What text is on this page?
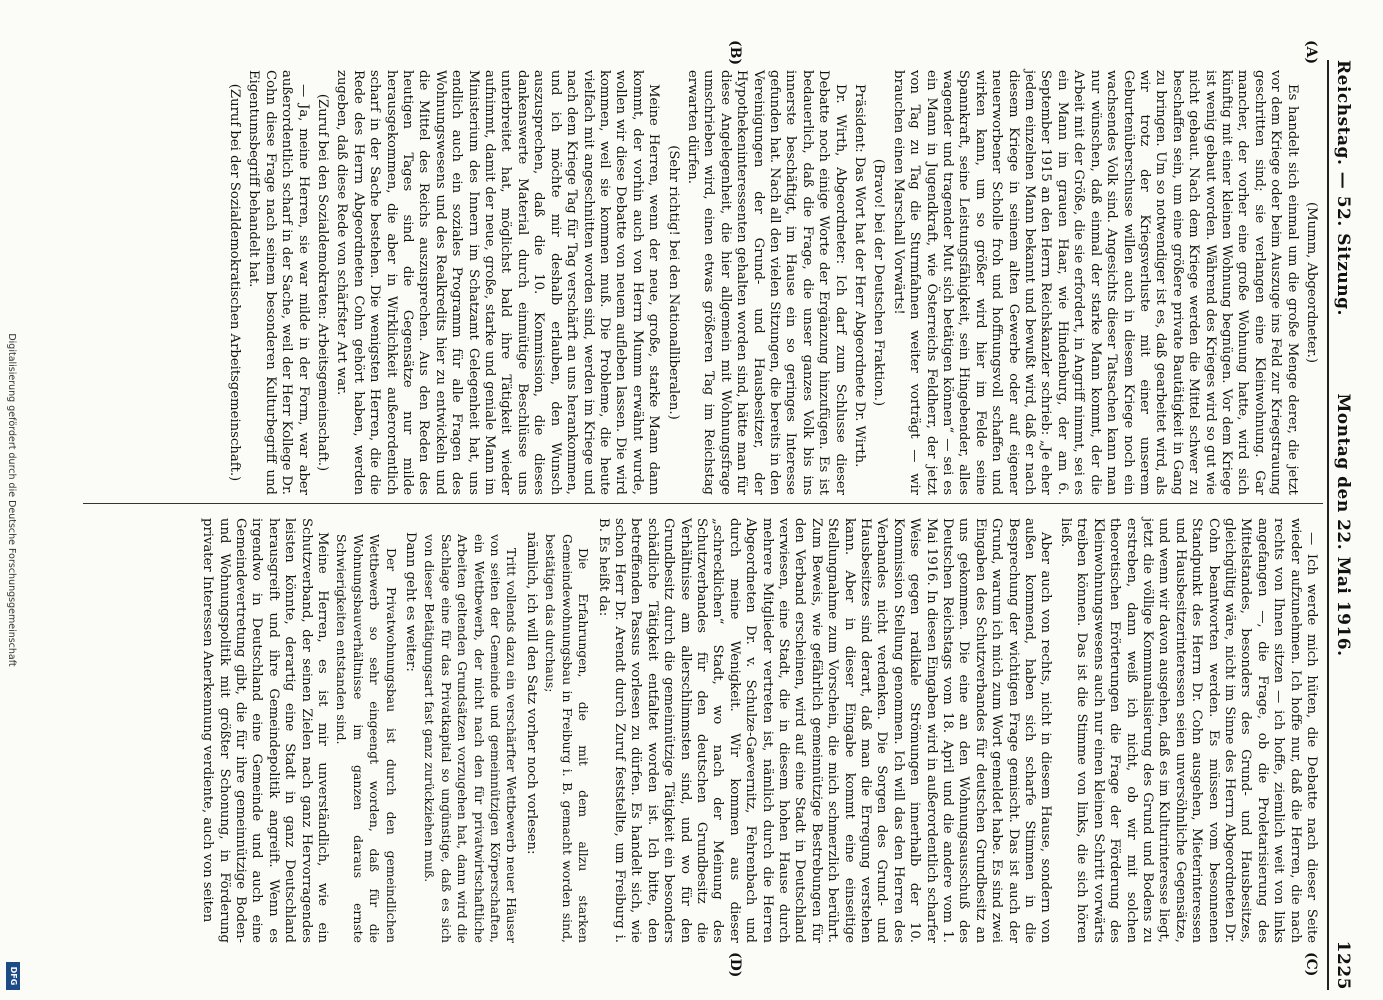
Reichstag. — 52. Sitzung.
Montag den 22. Mai 1916.
1225
(A)
(B)
(C)
(D)

(Mumm, Abgeordneter.)

Es handelt sich einmal um die große Menge derer, die jetzt vor dem Kriege oder beim Auszuge ins Feld zur Kriegstrauung geschritten sind; sie verlangen eine Kleinwohnung. Gar mancher, der vorher eine große Wohnung hatte, wird sich künftig mit einer kleinen Wohnung begnügen. Vor dem Kriege ist wenig gebaut worden. Während des Krieges wird so gut wie nicht gebaut. Nach dem Kriege werden die Mittel schwer zu beschaffen sein, um eine größere private Bautätigkeit in Gang zu bringen. Um so notwendiger ist es, daß gearbeitet wird, als wir trotz der Kriegsverluste mit einer unserem Geburtenüberschusse willen auch in diesem Kriege noch ein wachsendes Volk sind. Angesichts dieser Tatsachen kann man nur wünschen, daß einmal der starke Mann kommt, der die Arbeit mit der Größe, die sie erfordert, in Angriff nimmt, sei es ein Mann im grauen Haar, wie Hindenburg, der am 6. September 1915 an den Herrn Reichskanzler schrieb: „Je eher jedem einzelnen Mann bekannt und bewußt wird, daß er nach diesem Kriege in seinem alten Gewerbe oder auf eigener neuerworbener Scholle froh und hoffnungsvoll schaffen und wirken kann, um so größer wird hier im Felde seine Spannkraft, seine Leistungsfähigkeit, sein Hingebender, alles wagender und tragender Mut sich betätigen können“ — sei es ein Mann in Jugendkraft, wie Österreichs Feldherr, der jetzt von Tag zu Tag die Sturmfahnen weiter vorträgt — wir brauchen einen Marschall Vorwärts!

(Bravo! bei der Deutschen Fraktion.)

Präsident: Das Wort hat der Herr Abgeordnete Dr. Wirth.

Dr. Wirth, Abgeordneter: Ich darf zum Schlusse dieser Debatte noch einige Worte der Ergänzung hinzufügen. Es ist bedauerlich, daß die Frage, die unser ganzes Volk bis ins innerste beschäftigt, im Hause ein so geringes Interesse gefunden hat. Nach all den vielen Sitzungen, die bereits in den Vereinigungen der Grund- und Hausbesitzer, der Hypothekeninteressenten gehalten worden sind, hätte man für diese Angelegenheit, die hier allgemein mit Wohnungsfrage umschrieben wird, einen etwas größeren Tag im Reichstag erwarten dürfen.

(Sehr richtig! bei den Nationalliberalen.)

Meine Herren, wenn der neue, große, starke Mann dann kommt, der vorhin auch von Herrn Mumm erwähnt wurde, wollen wir diese Debatte von neuem aufleben lassen. Die wird kommen, weil sie kommen muß. Die Probleme, die heute vielfach mit angeschnitten worden sind, werden im Kriege und nach dem Kriege Tag für Tag verschärft an uns herankommen, und ich möchte mir deshalb erlauben, den Wunsch auszusprechen, daß die 10. Kommission, die dieses dankenswerte Material durch einmütige Beschlüsse uns unterbreitet hat, möglichst bald ihre Tätigkeit wieder aufnimmt, damit der neue, große, starke und geniale Mann im Ministerium des Innern im Schatzamt Gelegenheit hat, uns endlich auch ein soziales Programm für alle Fragen des Wohnungswesens und des Realkredits hier zu entwickeln und die Mittel des Reichs auszusprechen. Aus den Reden des heutigen Tages sind die Gegensätze nur milde herausgekommen, die aber in Wirklichkeit außerordentlich scharf in der Sache bestehen. Die wenigsten Herren, die die Rede des Herrn Abgeordneten Cohn gehört haben, werden zugeben, daß diese Rede von schärfster Art war.

(Zuruf bei den Sozialdemokraten: Arbeitsgemeinschaft.)

— Ja, meine Herren, sie war milde in der Form, war aber außerordentlich scharf in der Sache, weil der Herr Kollege Dr. Cohn diese Frage nach seinem besonderen Kulturbegriff und Eigentumsbegriff behandelt hat.

(Zuruf bei der Sozialdemokratischen Arbeitsgemeinschaft.)

— Ich werde mich hüten, die Debatte nach dieser Seite wieder aufzunehmen. Ich hoffe nur, daß die Herren, die nach rechts von Ihnen sitzen — ich hoffe, ziemlich weit von links angefangen —, die Frage, ob die Proletarisierung des Mittelstandes, besonders des Grund- und Hausbesitzes, gleichgültig wäre, nicht im Sinne des Herrn Abgeordneten Dr. Cohn beantworten werden. Es müssen vom besonnenen Standpunkt des Herrn Dr. Cohn ausgehen, Mieterinteressen und Hausbesitzerinteressen seien unversöhnliche Gegensätze, und wenn wir davon ausgehen, daß es im Kulturinteresse liegt, jetzt die völlige Kommunalisierung des Grund und Bodens zu erstreben, dann weiß ich nicht, ob wir mit solchen theoretischen Erörterungen die Frage der Förderung des Kleinwohnungswesens auch nur einen kleinen Schritt vorwärts treiben können. Das ist die Stimme von links, die sich hören ließ.

Aber auch von rechts, nicht in diesem Hause, sondern von außen kommend, haben sich scharfe Stimmen in die Besprechung der wichtigen Frage gemischt. Das ist auch der Grund, warum ich mich zum Wort gemeldet habe. Es sind zwei Eingaben des Schutzverbandes für deutschen Grundbesitz an uns gekommen. Die eine an den Wohnungsausschuß des Deutschen Reichstags vom 18. April und die andere vom 1. Mai 1916. In diesen Eingaben wird in außerordentlich scharfer Weise gegen radikale Strömungen innerhalb der 10. Kommission Stellung genommen. Ich will das den Herren des Verbandes nicht verdenken. Die Sorgen des Grund- und Hausbesitzes sind derart, daß man die Erregung verstehen kann. Aber in dieser Eingabe kommt eine einseitige Stellungnahme zum Vorschein, die mich schmerzlich berührt. Zum Beweis, wie gefährlich gemeinnützige Bestrebungen für den Verband erscheinen, wird auf eine Stadt in Deutschland verwiesen, eine Stadt, die in diesem hohen Hause durch mehrere Mitglieder vertreten ist, nämlich durch die Herren Abgeordneten Dr. v. Schulze-Gaevernitz, Fehrenbach und durch meine Wenigkeit. Wir kommen aus dieser „schrecklichen“ Stadt, wo nach der Meinung des Schutzverbandes für den deutschen Grundbesitz die Verhältnisse am allerschlimmsten sind, und wo für den Grundbesitz durch die gemeinnützige Tätigkeit ein besonders schädliche Tätigkeit entfaltet worden ist. Ich bitte, den betreffenden Passus vorlesen zu dürfen. Es handelt sich, wie schon Herr Dr. Arendt durch Zuruf feststellte, um Freiburg i. B. Es heißt da:

Die Erfahrungen, die mit dem allzu starken Gemeindewohnungsbau in Freiburg i. B. gemacht worden sind, bestätigen das durchaus;

nämlich, ich will den Satz vorher noch vorlesen:

Tritt vollends dazu ein verschärfter Wettbewerb neuer Häuser von seiten der Gemeinde und gemeinnützigen Körperschaften, ein Wettbewerb, der nicht nach den für privatwirtschaftliche Arbeiten geltenden Grundsätzen vorzugehen hat, dann wird die Sachlage eine für das Privatkapital so ungünstige, daß es sich von dieser Betätigungsart fast ganz zurückziehen muß.

Dann geht es weiter:

Der Privatwohnungsbau ist durch den gemeindlichen Wettbewerb so sehr eingeengt worden, daß für die Wohnungsbauverhältnisse im ganzen daraus ernste Schwierigkeiten entstanden sind.

Meine Herren, es ist mir unverständlich, wie ein Schutzverband, der seinen Zielen nach ganz Hervorragendes leisten könnte, derartig eine Stadt in ganz Deutschland herausgreift und ihre Gemeindepolitik angreift. Wenn es irgendwo in Deutschland eine Gemeinde und auch eine Gemeindevertretung gibt, die für ihre gemeinnützige Boden- und Wohnungspolitik mit größter Schonung, in Förderung privater Interessen Anerkennung verdiente, auch von seiten

Digitalisierung gefördert durch die Deutsche Forschungsgemeinschaft
DFG
